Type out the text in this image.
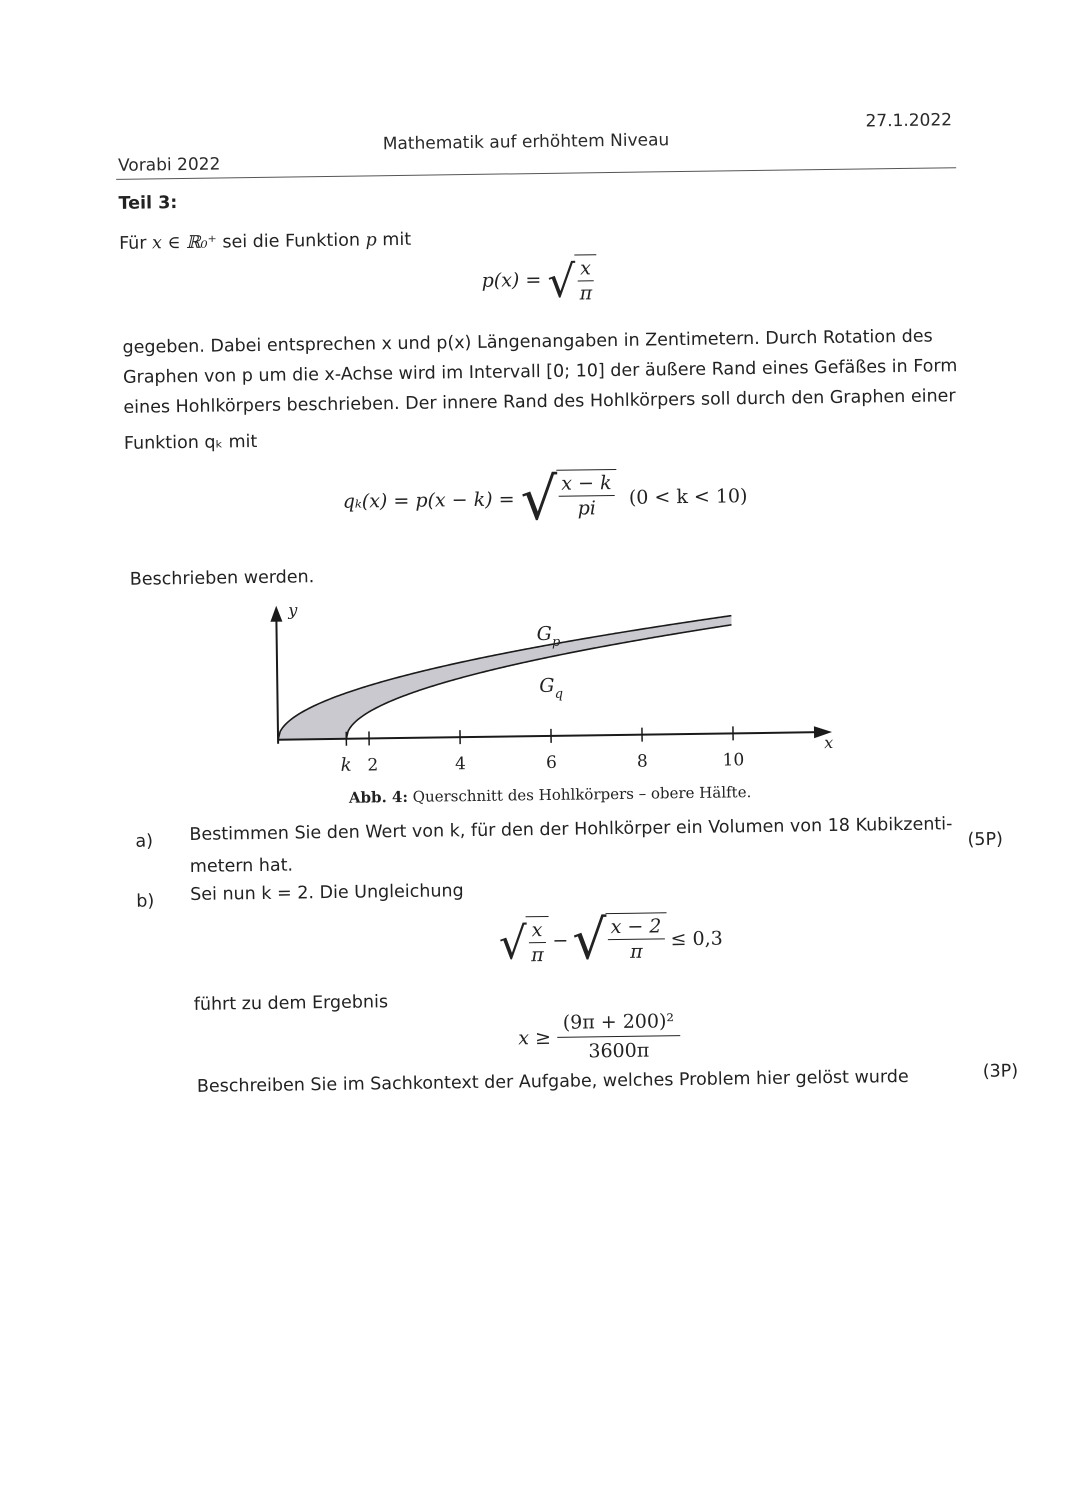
Vorabi 2022
Mathematik auf erhöhtem Niveau
27.1.2022
Teil 3:
Für x ∈ ℝ₀⁺ sei die Funktion p mit
p(x) =
√ $\frac{x}{\pi}$
gegeben. Dabei entsprechen x und p(x) Längenangaben in Zentimetern. Durch Rotation des
Graphen von p um die x-Achse wird im Intervall [0; 10] der äußere Rand eines Gefäßes in Form
eines Hohlkörpers beschrieben. Der innere Rand des Hohlkörpers soll durch den Graphen einer
Funktion qₖ mit
qₖ(x) = p(x − k) =
√ $\frac{x - k}{pi}$
(0 < k < 10)
Beschrieben werden.
2	4	6	8	10
y
x
k
$G_p$
$G_q$
Abb. 4: Querschnitt des Hohlkörpers – obere Hälfte.
a) Bestimmen Sie den Wert von k, für den der Hohlkörper ein Volumen von 18 Kubikzenti-
metern hat.
(5P)
b) Sei nun k = 2. Die Ungleichung
√ $\frac{x}{\pi}$ − √ $\frac{x - 2}{\pi} \le 0,3$
führt zu dem Ergebnis
x ≥
$\frac{\text{(9π + 200)²}}{3600\pi}$
Beschreiben Sie im Sachkontext der Aufgabe, welches Problem hier gelöst wurde	(3P)
